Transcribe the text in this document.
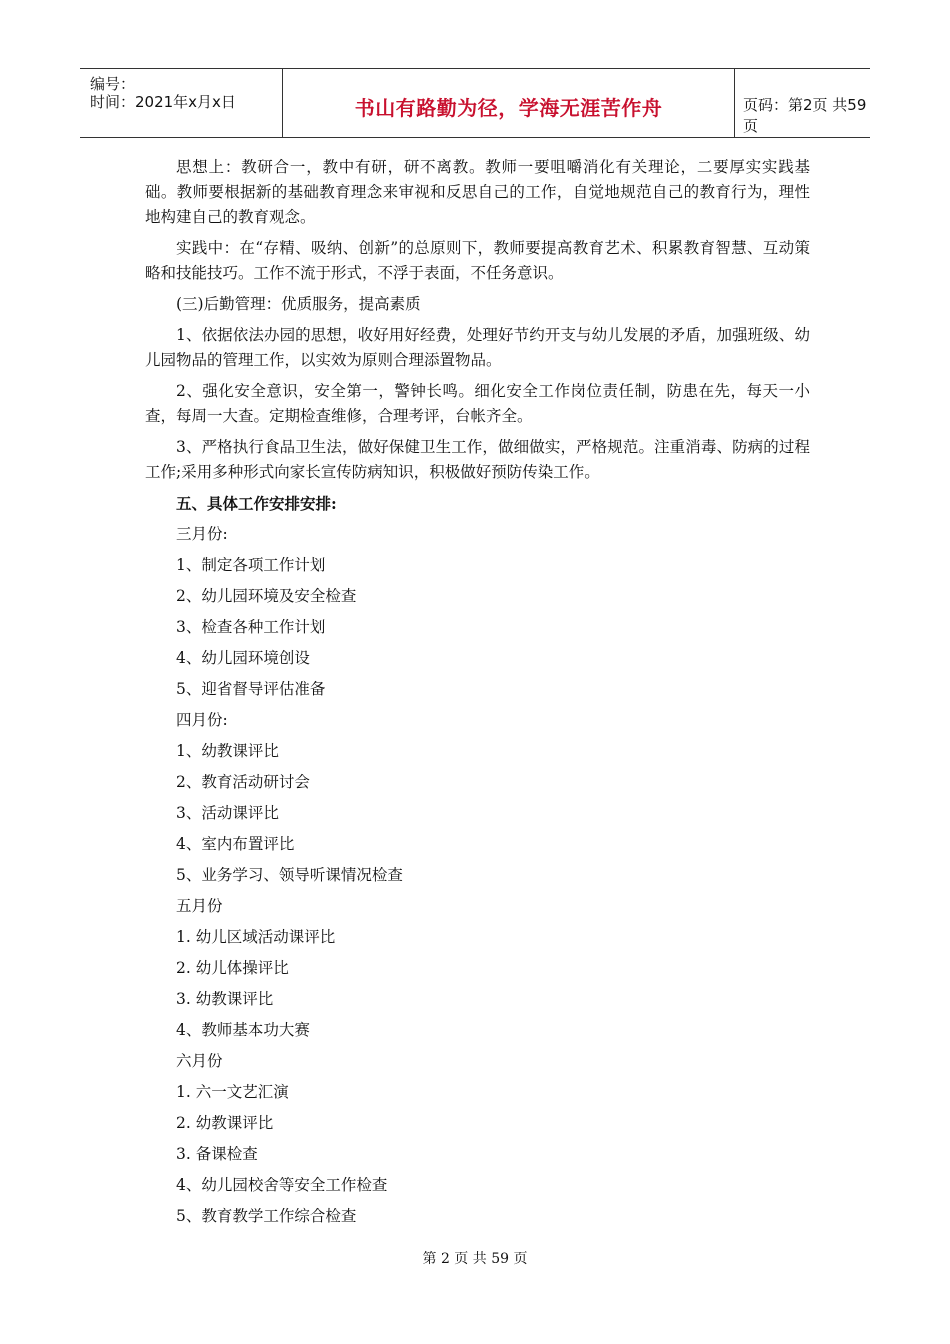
编号：
时间：2021年x月x日	书山有路勤为径，学海无涯苦作舟	页码：第2页 共59页

思想上：教研合一，教中有研，研不离教。教师一要咀嚼消化有关理论，二要厚实实践基础。教师要根据新的基础教育理念来审视和反思自己的工作，自觉地规范自己的教育行为，理性地构建自己的教育观念。

实践中：在“存精、吸纳、创新”的总原则下，教师要提高教育艺术、积累教育智慧、互动策略和技能技巧。工作不流于形式，不浮于表面，不任务意识。

(三)后勤管理：优质服务，提高素质

1、依据依法办园的思想，收好用好经费，处理好节约开支与幼儿发展的矛盾，加强班级、幼儿园物品的管理工作，以实效为原则合理添置物品。

2、强化安全意识，安全第一，警钟长鸣。细化安全工作岗位责任制，防患在先，每天一小查，每周一大查。定期检查维修，合理考评，台帐齐全。

3、严格执行食品卫生法，做好保健卫生工作，做细做实，严格规范。注重消毒、防病的过程工作;采用多种形式向家长宣传防病知识，积极做好预防传染工作。

五、具体工作安排安排:

三月份:

1、制定各项工作计划

2、幼儿园环境及安全检查

3、检查各种工作计划

4、幼儿园环境创设

5、迎省督导评估准备

四月份:

1、幼教课评比

2、教育活动研讨会

3、活动课评比

4、室内布置评比

5、业务学习、领导听课情况检查

五月份

1. 幼儿区域活动课评比

2. 幼儿体操评比

3. 幼教课评比

4、教师基本功大赛

六月份

1. 六一文艺汇演

2. 幼教课评比

3. 备课检查

4、幼儿园校舍等安全工作检查

5、教育教学工作综合检查

第 2 页 共 59 页
